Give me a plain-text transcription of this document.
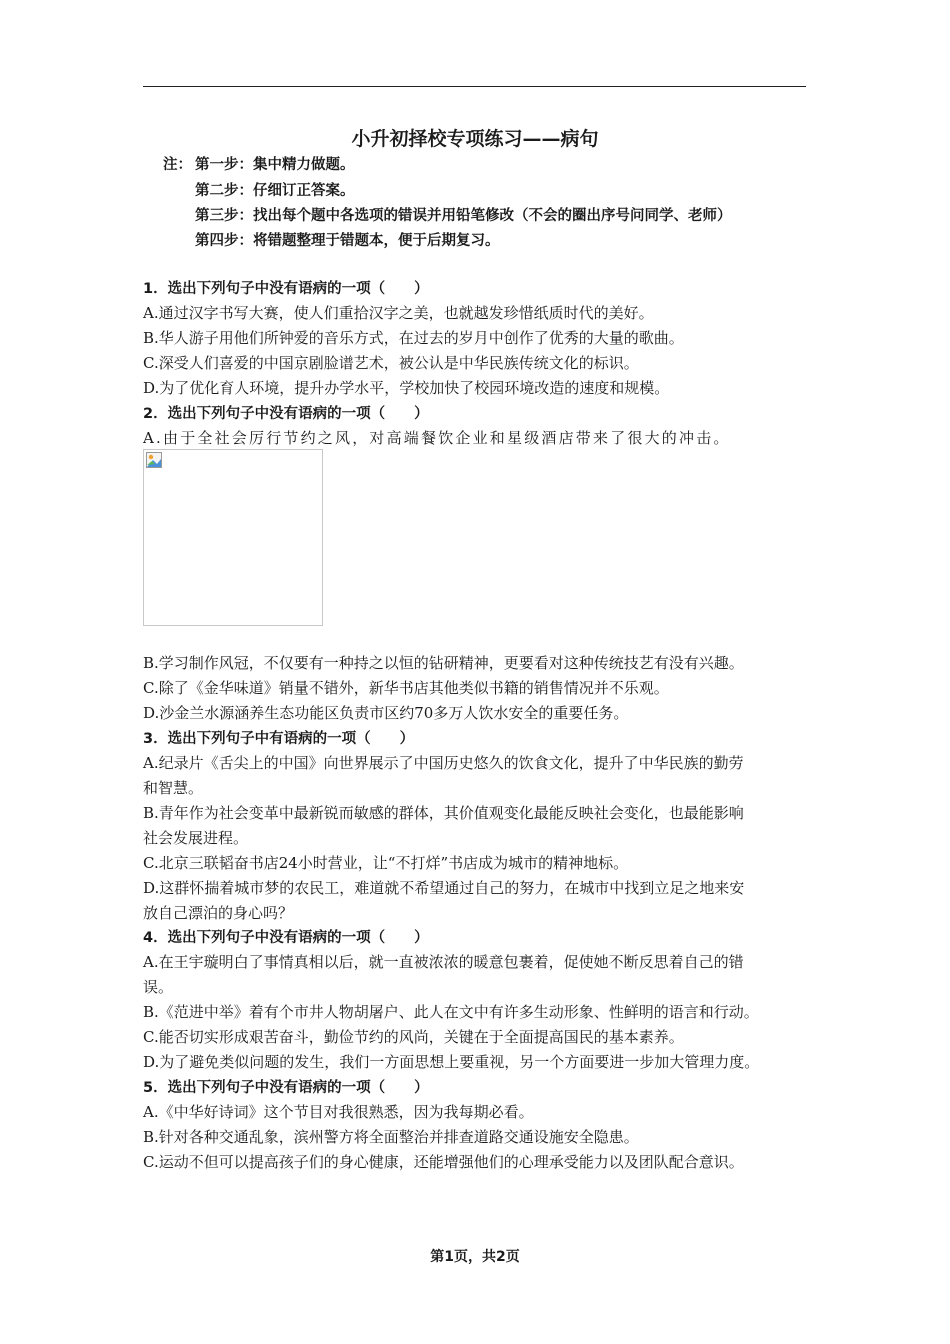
小升初择校专项练习——病句
注： 第一步：集中精力做题。
第二步：仔细订正答案。
第三步：找出每个题中各选项的错误并用铅笔修改（不会的圈出序号问同学、老师）
第四步：将错题整理于错题本，便于后期复习。
1．选出下列句子中没有语病的一项（　　）
A.通过汉字书写大赛，使人们重拾汉字之美，也就越发珍惜纸质时代的美好。
B.华人游子用他们所钟爱的音乐方式，在过去的岁月中创作了优秀的大量的歌曲。
C.深受人们喜爱的中国京剧脸谱艺术，被公认是中华民族传统文化的标识。
D.为了优化育人环境，提升办学水平，学校加快了校园环境改造的速度和规模。
2．选出下列句子中没有语病的一项（　　）
A.由于全社会厉行节约之风，对高端餐饮企业和星级酒店带来了很大的冲击。
B.学习制作风冠，不仅要有一种持之以恒的钻研精神，更要看对这种传统技艺有没有兴趣。
C.除了《金华味道》销量不错外，新华书店其他类似书籍的销售情况并不乐观。
D.沙金兰水源涵养生态功能区负责市区约70多万人饮水安全的重要任务。
3．选出下列句子中有语病的一项（　　）
A.纪录片《舌尖上的中国》向世界展示了中国历史悠久的饮食文化，提升了中华民族的勤劳
和智慧。
B.青年作为社会变革中最新锐而敏感的群体，其价值观变化最能反映社会变化，也最能影响
社会发展进程。
C.北京三联韬奋书店24小时营业，让“不打烊”书店成为城市的精神地标。
D.这群怀揣着城市梦的农民工，难道就不希望通过自己的努力，在城市中找到立足之地来安
放自己漂泊的身心吗？
4．选出下列句子中没有语病的一项（　　）
A.在王宇璇明白了事情真相以后，就一直被浓浓的暖意包裹着，促使她不断反思着自己的错
误。
B.《范进中举》着有个市井人物胡屠户、此人在文中有许多生动形象、性鲜明的语言和行动。
C.能否切实形成艰苦奋斗，勤俭节约的风尚，关键在于全面提高国民的基本素养。
D.为了避免类似问题的发生，我们一方面思想上要重视，另一个方面要进一步加大管理力度。
5．选出下列句子中没有语病的一项（　　）
A.《中华好诗词》这个节目对我很熟悉，因为我每期必看。
B.针对各种交通乱象，滨州警方将全面整治并排查道路交通设施安全隐患。
C.运动不但可以提高孩子们的身心健康，还能增强他们的心理承受能力以及团队配合意识。
第1页，共2页
